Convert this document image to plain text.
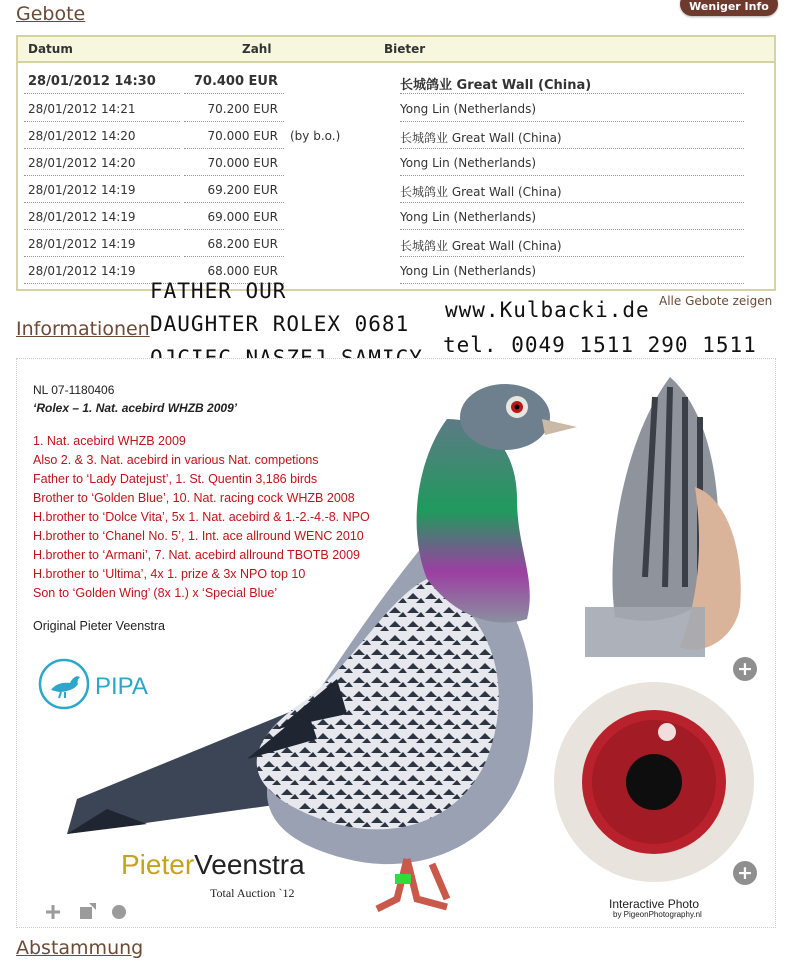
Gebote	Weniger Info
Datum	Zahl	Bieter
28/01/2012 14:30	70.400 EUR	长城鸽业 Great Wall (China)
28/01/2012 14:21	70.200 EUR	Yong Lin (Netherlands)
28/01/2012 14:20	70.000 EUR (by b.o.)	长城鸽业 Great Wall (China)
28/01/2012 14:20	70.000 EUR	Yong Lin (Netherlands)
28/01/2012 14:19	69.200 EUR	长城鸽业 Great Wall (China)
28/01/2012 14:19	69.000 EUR	Yong Lin (Netherlands)
28/01/2012 14:19	68.200 EUR	长城鸽业 Great Wall (China)
28/01/2012 14:19	68.000 EUR	Yong Lin (Netherlands)
Alle Gebote zeigen
FATHER OUR
DAUGHTER ROLEX 0681
www.Kulbacki.de
tel. 0049 1511 290 1511
Informationen
NL 07-1180406
‘Rolex – 1. Nat. acebird WHZB 2009’
1. Nat. acebird WHZB 2009
Also 2. & 3. Nat. acebird in various Nat. competions
Father to ‘Lady Datejust’, 1. St. Quentin 3,186 birds
Brother to ‘Golden Blue’, 10. Nat. racing cock WHZB 2008
H.brother to ‘Dolce Vita’, 5x 1. Nat. acebird & 1.-2.-4.-8. NPO
H.brother to ‘Chanel No. 5’, 1. Int. ace allround WENC 2010
H.brother to ‘Armani’, 7. Nat. acebird allround TBOTB 2009
H.brother to ‘Ultima’, 4x 1. prize & 3x NPO top 10
Son to ‘Golden Wing’ (8x 1.) x ‘Special Blue’
Original Pieter Veenstra
PIPA
+
+
PieterVeenstra
Total Auction `12
Interactive Photo
by PigeonPhotography.nl
Abstammung
